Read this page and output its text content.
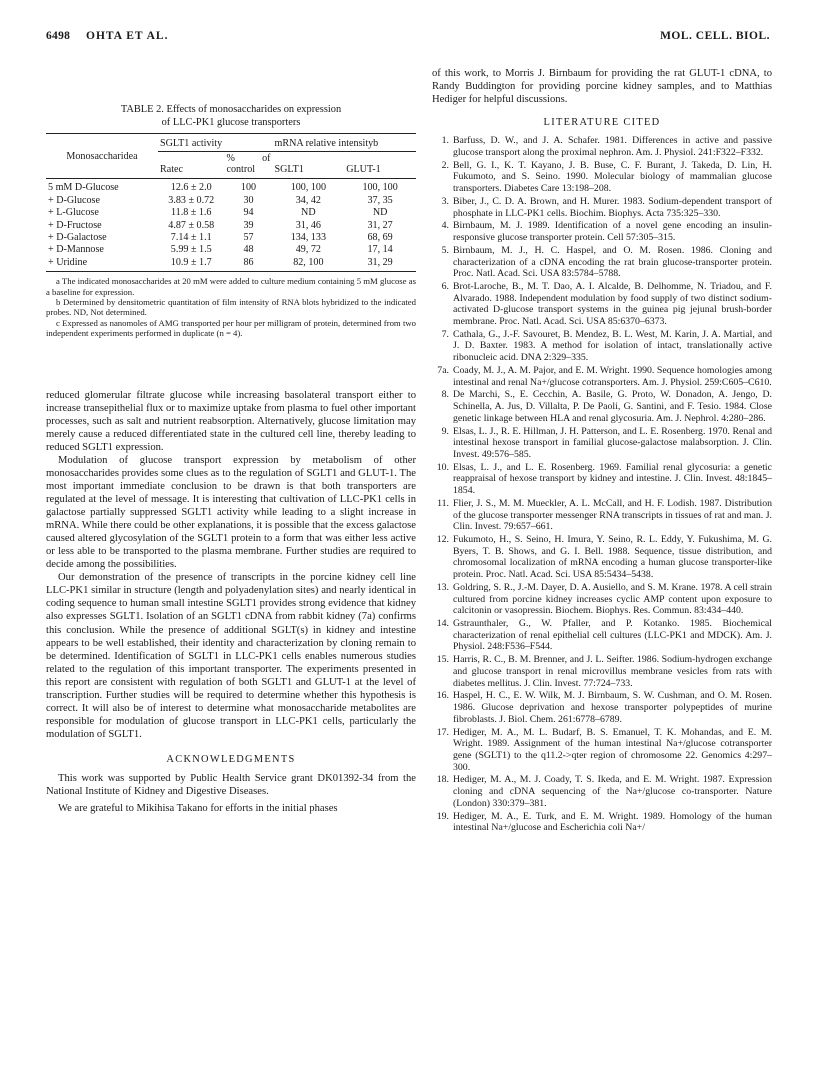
6498 OHTA ET AL.	MOL. CELL. BIOL.
TABLE 2. Effects of monosaccharides on expression
of LLC-PK1 glucose transporters
Monosaccharidea	SGLT1 activity		mRNA relative intensityb	
	Ratec	% of control	SGLT1	GLUT-1
5 mM D-Glucose	12.6 ± 2.0	100	100, 100	100, 100
+ D-Glucose	3.83 ± 0.72	30	34, 42	37, 35
+ L-Glucose	11.8 ± 1.6	94	ND	ND
+ D-Fructose	4.87 ± 0.58	39	31, 46	31, 27
+ D-Galactose	7.14 ± 1.1	57	134, 133	68, 69
+ D-Mannose	5.99 ± 1.5	48	49, 72	17, 14
+ Uridine	10.9 ± 1.7	86	82, 100	31, 29

a The indicated monosaccharides at 20 mM were added to culture medium containing 5 mM glucose as a baseline for expression.

b Determined by densitometric quantitation of film intensity of RNA blots hybridized to the indicated probes. ND, Not determined.

c Expressed as nanomoles of AMG transported per hour per milligram of protein, determined from two independent experiments performed in duplicate (n = 4).

reduced glomerular filtrate glucose while increasing basolateral transport either to increase transepithelial flux or to maximize uptake from plasma to fuel other important processes, such as salt and nutrient reabsorption. Alternatively, glucose limitation may merely cause a reduced differentiated state in the cultured cell line, thereby leading to reduced SGLT1 expression.

Modulation of glucose transport expression by metabolism of other monosaccharides provides some clues as to the regulation of SGLT1 and GLUT-1. The most important immediate conclusion to be drawn is that both transporters are regulated at the level of message. It is interesting that cultivation of LLC-PK1 cells in galactose partially suppressed SGLT1 activity while leading to a slight increase in mRNA. While there could be other explanations, it is possible that the excess galactose caused altered glycosylation of the SGLT1 protein to a form that was either less active or less able to be transported to the plasma membrane. Further studies are required to decide among the possibilities.

Our demonstration of the presence of transcripts in the porcine kidney cell line LLC-PK1 similar in structure (length and polyadenylation sites) and nearly identical in coding sequence to human small intestine SGLT1 provides strong evidence that kidney also expresses SGLT1. Isolation of an SGLT1 cDNA from rabbit kidney (7a) confirms this conclusion. While the presence of additional SGLT(s) in kidney and intestine appears to be well established, their identity and characterization by cloning remain to be determined. Identification of SGLT1 in LLC-PK1 cells enables numerous studies related to the regulation of this important transporter. The experiments presented in this report are consistent with regulation of both SGLT1 and GLUT-1 at the level of transcription. Further studies will be required to determine whether this hypothesis is correct. It will also be of interest to determine what monosaccharide metabolites are responsible for modulation of glucose transport in LLC-PK1 cells, particularly the modulation of SGLT1.

ACKNOWLEDGMENTS

This work was supported by Public Health Service grant DK01392-34 from the National Institute of Kidney and Digestive Diseases.

We are grateful to Mikihisa Takano for efforts in the initial phases

of this work, to Morris J. Birnbaum for providing the rat GLUT-1 cDNA, to Randy Buddington for providing porcine kidney samples, and to Matthias Hediger for helpful discussions.

LITERATURE CITED
1. Barfuss, D. W., and J. A. Schafer. 1981. Differences in active and passive glucose transport along the proximal nephron. Am. J. Physiol. 241:F322–F332.
2. Bell, G. I., K. T. Kayano, J. B. Buse, C. F. Burant, J. Takeda, D. Lin, H. Fukumoto, and S. Seino. 1990. Molecular biology of mammalian glucose transporters. Diabetes Care 13:198–208.
3. Biber, J., C. D. A. Brown, and H. Murer. 1983. Sodium-dependent transport of phosphate in LLC-PK1 cells. Biochim. Biophys. Acta 735:325–330.
4. Birnbaum, M. J. 1989. Identification of a novel gene encoding an insulin-responsive glucose transporter protein. Cell 57:305–315.
5. Birnbaum, M. J., H. C. Haspel, and O. M. Rosen. 1986. Cloning and characterization of a cDNA encoding the rat brain glucose-transporter protein. Proc. Natl. Acad. Sci. USA 83:5784–5788.
6. Brot-Laroche, B., M. T. Dao, A. I. Alcalde, B. Delhomme, N. Triadou, and F. Alvarado. 1988. Independent modulation by food supply of two distinct sodium-activated D-glucose transport systems in the guinea pig jejunal brush-border membrane. Proc. Natl. Acad. Sci. USA 85:6370–6373.
7. Cathala, G., J.-F. Savouret, B. Mendez, B. L. West, M. Karin, J. A. Martial, and J. D. Baxter. 1983. A method for isolation of intact, translationally active ribonucleic acid. DNA 2:329–335.
7a. Coady, M. J., A. M. Pajor, and E. M. Wright. 1990. Sequence homologies among intestinal and renal Na+/glucose cotransporters. Am. J. Physiol. 259:C605–C610.
8. De Marchi, S., E. Cecchin, A. Basile, G. Proto, W. Donadon, A. Jengo, D. Schinella, A. Jus, D. Villalta, P. De Paoli, G. Santini, and F. Tesio. 1984. Close genetic linkage between HLA and renal glycosuria. Am. J. Nephrol. 4:280–286.
9. Elsas, L. J., R. E. Hillman, J. H. Patterson, and L. E. Rosenberg. 1970. Renal and intestinal hexose transport in familial glucose-galactose malabsorption. J. Clin. Invest. 49:576–585.
10. Elsas, L. J., and L. E. Rosenberg. 1969. Familial renal glycosuria: a genetic reappraisal of hexose transport by kidney and intestine. J. Clin. Invest. 48:1845–1854.
11. Flier, J. S., M. M. Mueckler, A. L. McCall, and H. F. Lodish. 1987. Distribution of the glucose transporter messenger RNA transcripts in tissues of rat and man. J. Clin. Invest. 79:657–661.
12. Fukumoto, H., S. Seino, H. Imura, Y. Seino, R. L. Eddy, Y. Fukushima, M. G. Byers, T. B. Shows, and G. I. Bell. 1988. Sequence, tissue distribution, and chromosomal localization of mRNA encoding a human glucose transporter-like protein. Proc. Natl. Acad. Sci. USA 85:5434–5438.
13. Goldring, S. R., J.-M. Dayer, D. A. Ausiello, and S. M. Krane. 1978. A cell strain cultured from porcine kidney increases cyclic AMP content upon exposure to calcitonin or vasopressin. Biochem. Biophys. Res. Commun. 83:434–440.
14. Gstraunthaler, G., W. Pfaller, and P. Kotanko. 1985. Biochemical characterization of renal epithelial cell cultures (LLC-PK1 and MDCK). Am. J. Physiol. 248:F536–F544.
15. Harris, R. C., B. M. Brenner, and J. L. Seifter. 1986. Sodium-hydrogen exchange and glucose transport in renal microvillus membrane vesicles from rats with diabetes mellitus. J. Clin. Invest. 77:724–733.
16. Haspel, H. C., E. W. Wilk, M. J. Birnbaum, S. W. Cushman, and O. M. Rosen. 1986. Glucose deprivation and hexose transporter polypeptides of murine fibroblasts. J. Biol. Chem. 261:6778–6789.
17. Hediger, M. A., M. L. Budarf, B. S. Emanuel, T. K. Mohandas, and E. M. Wright. 1989. Assignment of the human intestinal Na+/glucose cotransporter gene (SGLT1) to the q11.2->qter region of chromosome 22. Genomics 4:297–300.
18. Hediger, M. A., M. J. Coady, T. S. Ikeda, and E. M. Wright. 1987. Expression cloning and cDNA sequencing of the Na+/glucose co-transporter. Nature (London) 330:379–381.
19. Hediger, M. A., E. Turk, and E. M. Wright. 1989. Homology of the human intestinal Na+/glucose and Escherichia coli Na+/
